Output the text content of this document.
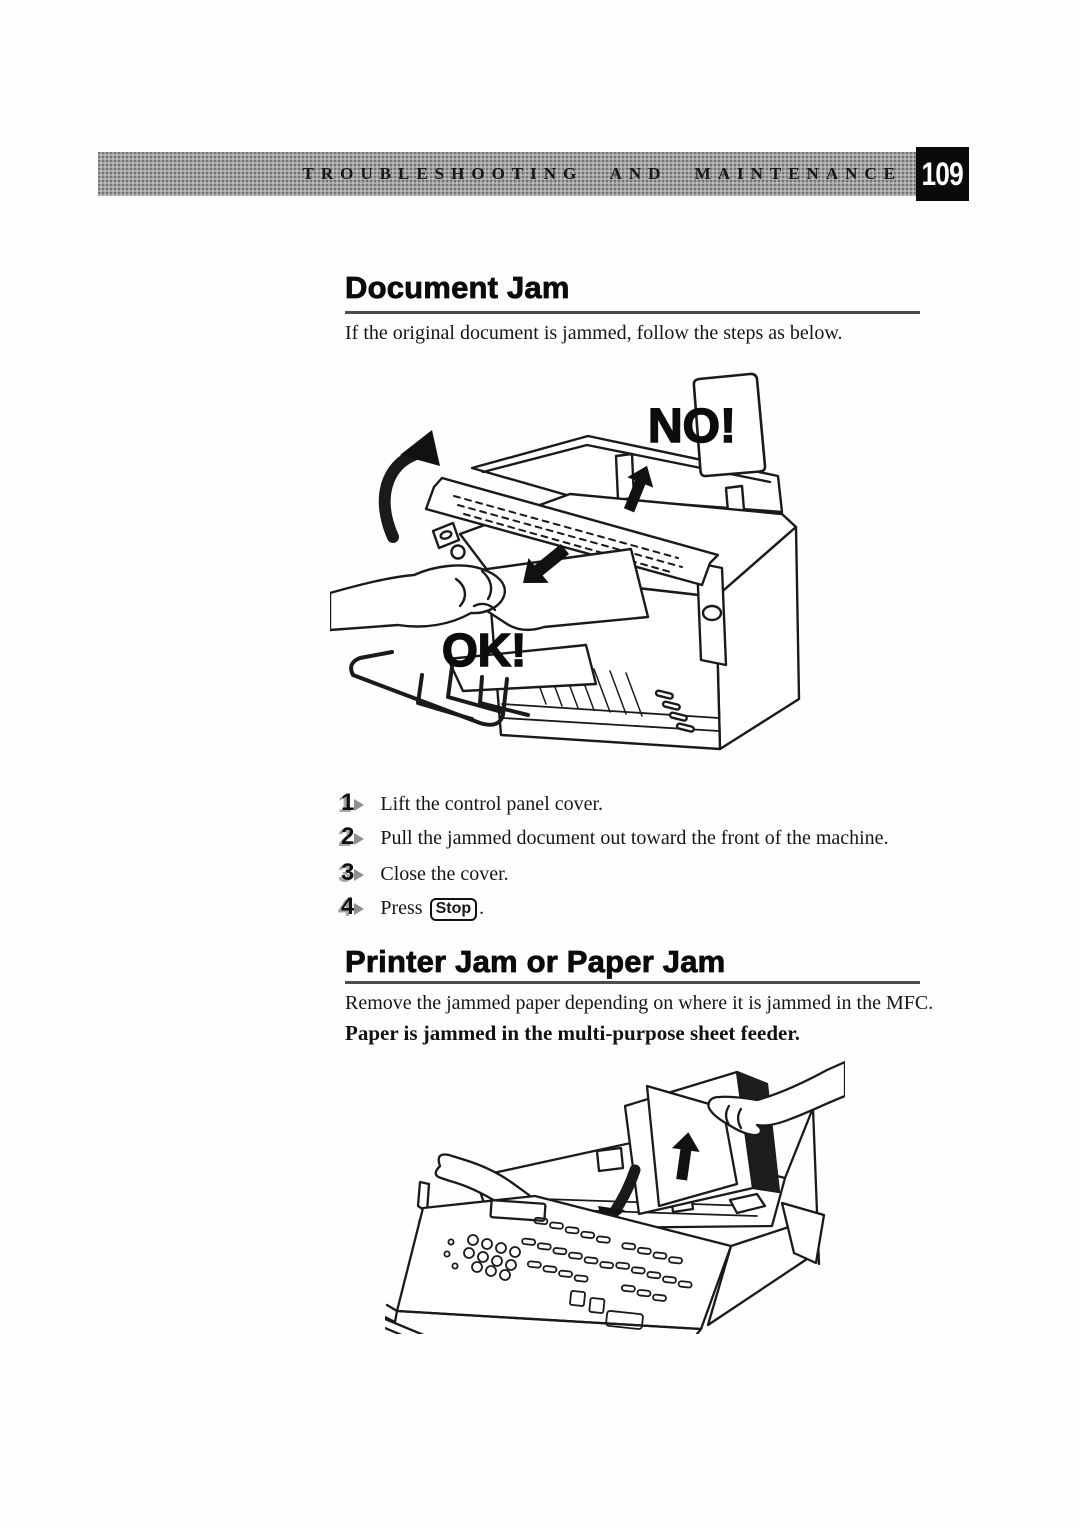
TROUBLESHOOTING AND MAINTENANCE 109
Document Jam
If the original document is jammed, follow the steps as below.
NO!
OK!
1 Lift the control panel cover.
2 Pull the jammed document out toward the front of the machine.
3 Close the cover.
4 Press Stop .
Printer Jam or Paper Jam
Remove the jammed paper depending on where it is jammed in the MFC.
Paper is jammed in the multi-purpose sheet feeder.
